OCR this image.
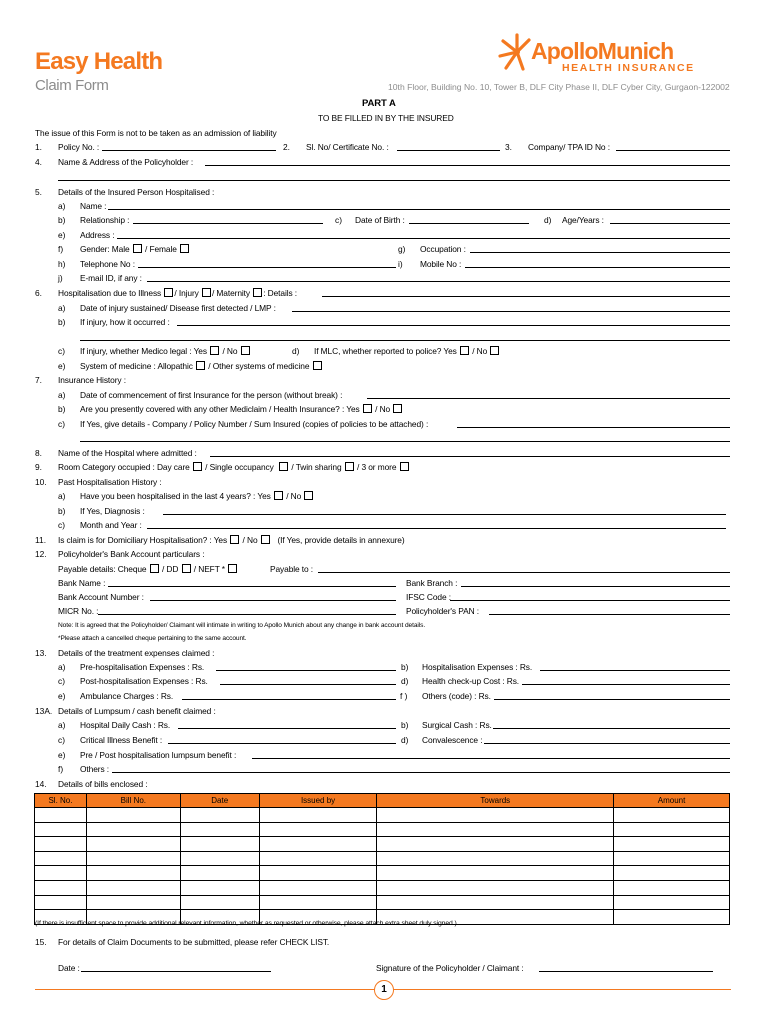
Easy Health
Claim Form
ApolloMunich
HEALTH INSURANCE
10th Floor, Building No. 10, Tower B, DLF City Phase II, DLF Cyber City, Gurgaon-122002
PART A
TO BE FILLED IN BY THE INSURED
The issue of this Form is not to be taken as an admission of liability
1. Policy No. :	2. Sl. No/ Certificate No. :	3. Company/ TPA ID No :
4. Name & Address of the Policyholder :
5. Details of the Insured Person Hospitalised :
a) Name :
b) Relationship :	c) Date of Birth :	d) Age/Years :
e) Address :
f) Gender: Male / Female	g) Occupation :
h) Telephone No :	i) Mobile No :
j) E-mail ID, if any :
6. Hospitalisation due to Illness / Injury / Maternity : Details :
a) Date of injury sustained/ Disease first detected / LMP :
b) If injury, how it occurred :
c) If injury, whether Medico legal : Yes / No	d) If MLC, whether reported to police? Yes / No
e) System of medicine : Allopathic / Other systems of medicine
7. Insurance History :
a) Date of commencement of first Insurance for the person (without break) :
b) Are you presently covered with any other Mediclaim / Health Insurance? : Yes / No
c) If Yes, give details - Company / Policy Number / Sum Insured (copies of policies to be attached) :
8. Name of the Hospital where admitted :
9. Room Category occupied : Day care / Single occupancy / Twin sharing / 3 or more
10. Past Hospitalisation History :
a) Have you been hospitalised in the last 4 years? : Yes / No
b) If Yes, Diagnosis :
c) Month and Year :
11. Is claim is for Domiciliary Hospitalisation? : Yes / No (If Yes, provide details in annexure)
12. Policyholder's Bank Account particulars :
Payable details: Cheque / DD / NEFT *	Payable to :
Bank Name :	Bank Branch :
Bank Account Number :	IFSC Code :
MICR No. :	Policyholder's PAN :
Note: It is agreed that the Policyholder/ Claimant will intimate in writing to Apollo Munich about any change in bank account details.
*Please attach a cancelled cheque pertaining to the same account.
13. Details of the treatment expenses claimed :
a) Pre-hospitalisation Expenses : Rs.	b) Hospitalisation Expenses : Rs.
c) Post-hospitalisation Expenses : Rs.	d) Health check-up Cost : Rs.
e) Ambulance Charges : Rs.	f ) Others (code) : Rs.
13A. Details of Lumpsum / cash benefit claimed :
a) Hospital Daily Cash : Rs.	b) Surgical Cash : Rs.
c) Critical Illness Benefit :	d) Convalescence :
e) Pre / Post hospitalisation lumpsum benefit :
f) Others :
14. Details of bills enclosed :
Sl. No.	Bill No.	Date	Issued by	Towards	Amount

(If there is insufficient space to provide additional relevant information, whether as requested or otherwise, please attach extra sheet duly signed.)
15. For details of Claim Documents to be submitted, please refer CHECK LIST.
Date :	Signature of the Policyholder / Claimant :
1
